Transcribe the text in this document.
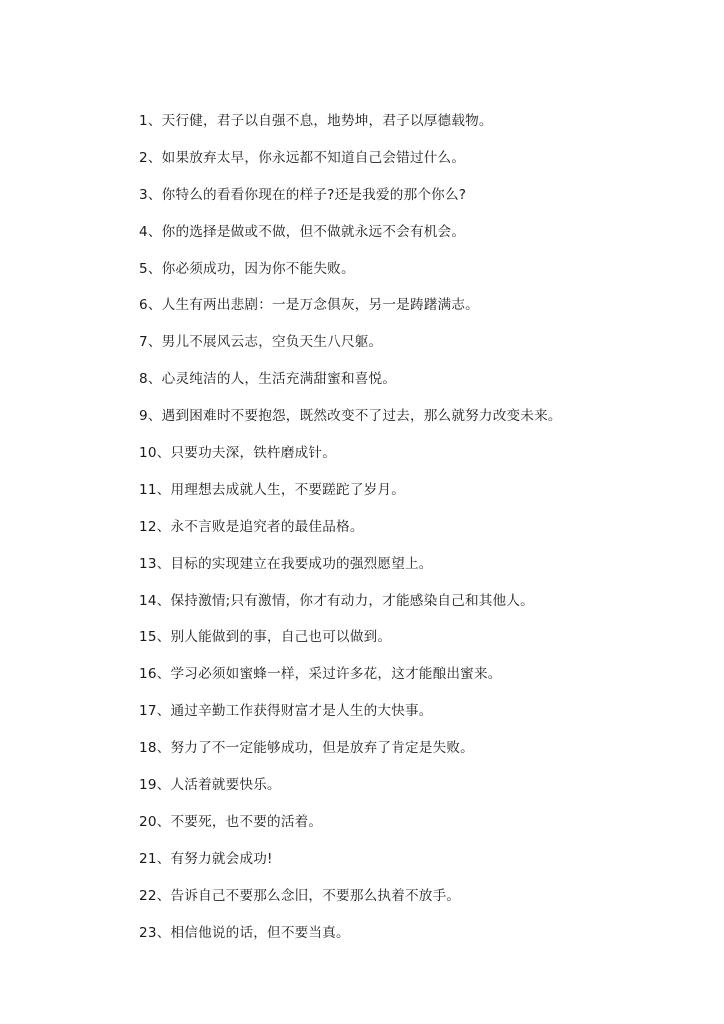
1、天行健，君子以自强不息，地势坤，君子以厚德载物。
2、如果放弃太早，你永远都不知道自己会错过什么。
3、你特么的看看你现在的样子?还是我爱的那个你么?
4、你的选择是做或不做，但不做就永远不会有机会。
5、你必须成功，因为你不能失败。
6、人生有两出悲剧：一是万念俱灰，另一是踌躇满志。
7、男儿不展风云志，空负天生八尺躯。
8、心灵纯洁的人，生活充满甜蜜和喜悦。
9、遇到困难时不要抱怨，既然改变不了过去，那么就努力改变未来。
10、只要功夫深，铁杵磨成针。
11、用理想去成就人生，不要蹉跎了岁月。
12、永不言败是追究者的最佳品格。
13、目标的实现建立在我要成功的强烈愿望上。
14、保持激情;只有激情，你才有动力，才能感染自己和其他人。
15、别人能做到的事，自己也可以做到。
16、学习必须如蜜蜂一样，采过许多花，这才能酿出蜜来。
17、通过辛勤工作获得财富才是人生的大快事。
18、努力了不一定能够成功，但是放弃了肯定是失败。
19、人活着就要快乐。
20、不要死，也不要的活着。
21、有努力就会成功!
22、告诉自己不要那么念旧，不要那么执着不放手。
23、相信他说的话，但不要当真。
